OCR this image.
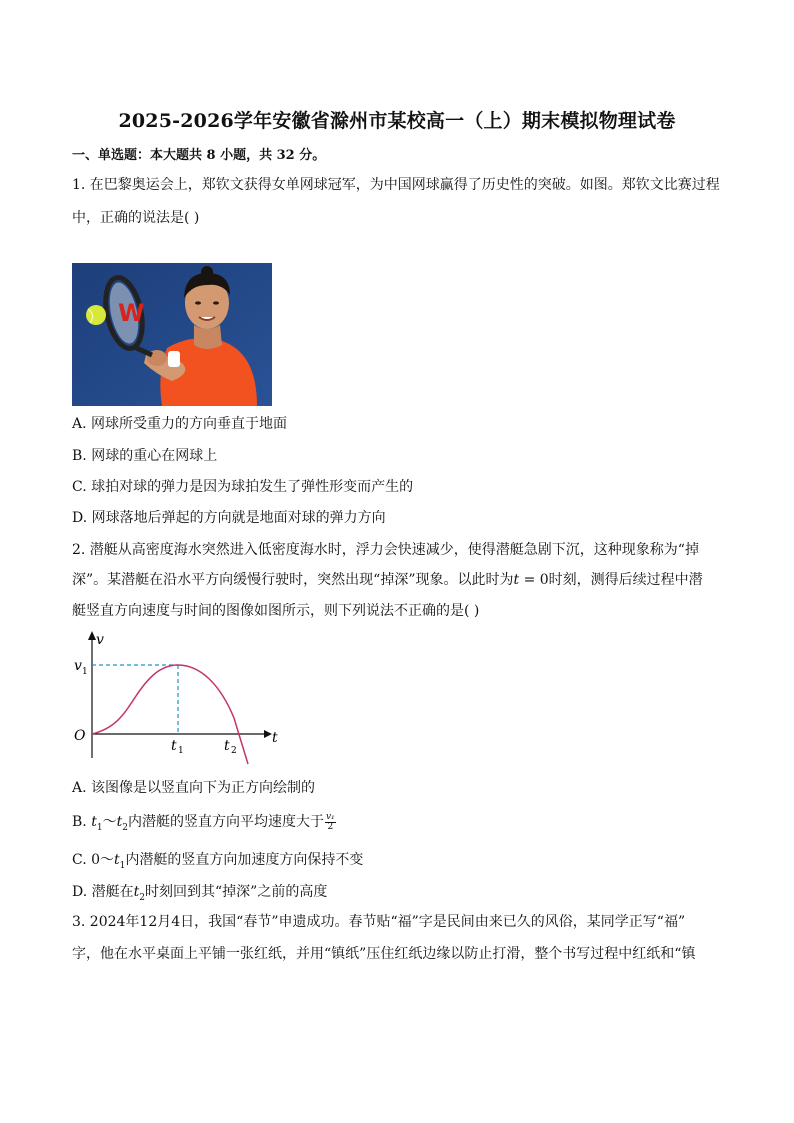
2025-2026学年安徽省滁州市某校高一（上）期末模拟物理试卷
一、单选题：本大题共 8 小题，共 32 分。
1. 在巴黎奥运会上，郑钦文获得女单网球冠军，为中国网球赢得了历史性的突破。如图。郑钦文比赛过程
中，正确的说法是( )
W
A. 网球所受重力的方向垂直于地面
B. 网球的重心在网球上
C. 球拍对球的弹力是因为球拍发生了弹性形变而产生的
D. 网球落地后弹起的方向就是地面对球的弹力方向
2. 潜艇从高密度海水突然进入低密度海水时，浮力会快速减少，使得潜艇急剧下沉，这种现象称为“掉
深”。某潜艇在沿水平方向缓慢行驶时，突然出现“掉深”现象。以此时为t = 0时刻，测得后续过程中潜
艇竖直方向速度与时间的图像如图所示，则下列说法不正确的是( )
v
v 1
O	t
t 1	t 2
A. 该图像是以竖直向下为正方向绘制的
B. $t_1\sim t_2$内潜艇的竖直方向平均速度大于 $\frac{\text{v₁}}{2}$
C. $0\sim t_1$内潜艇的竖直方向加速度方向保持不变
D. 潜艇在$t_2$时刻回到其“掉深”之前的高度
3. 2024年12月4日，我国“春节”申遗成功。春节贴“福”字是民间由来已久的风俗，某同学正写“福”
字，他在水平桌面上平铺一张红纸，并用“镇纸”压住红纸边缘以防止打滑，整个书写过程中红纸和“镇
